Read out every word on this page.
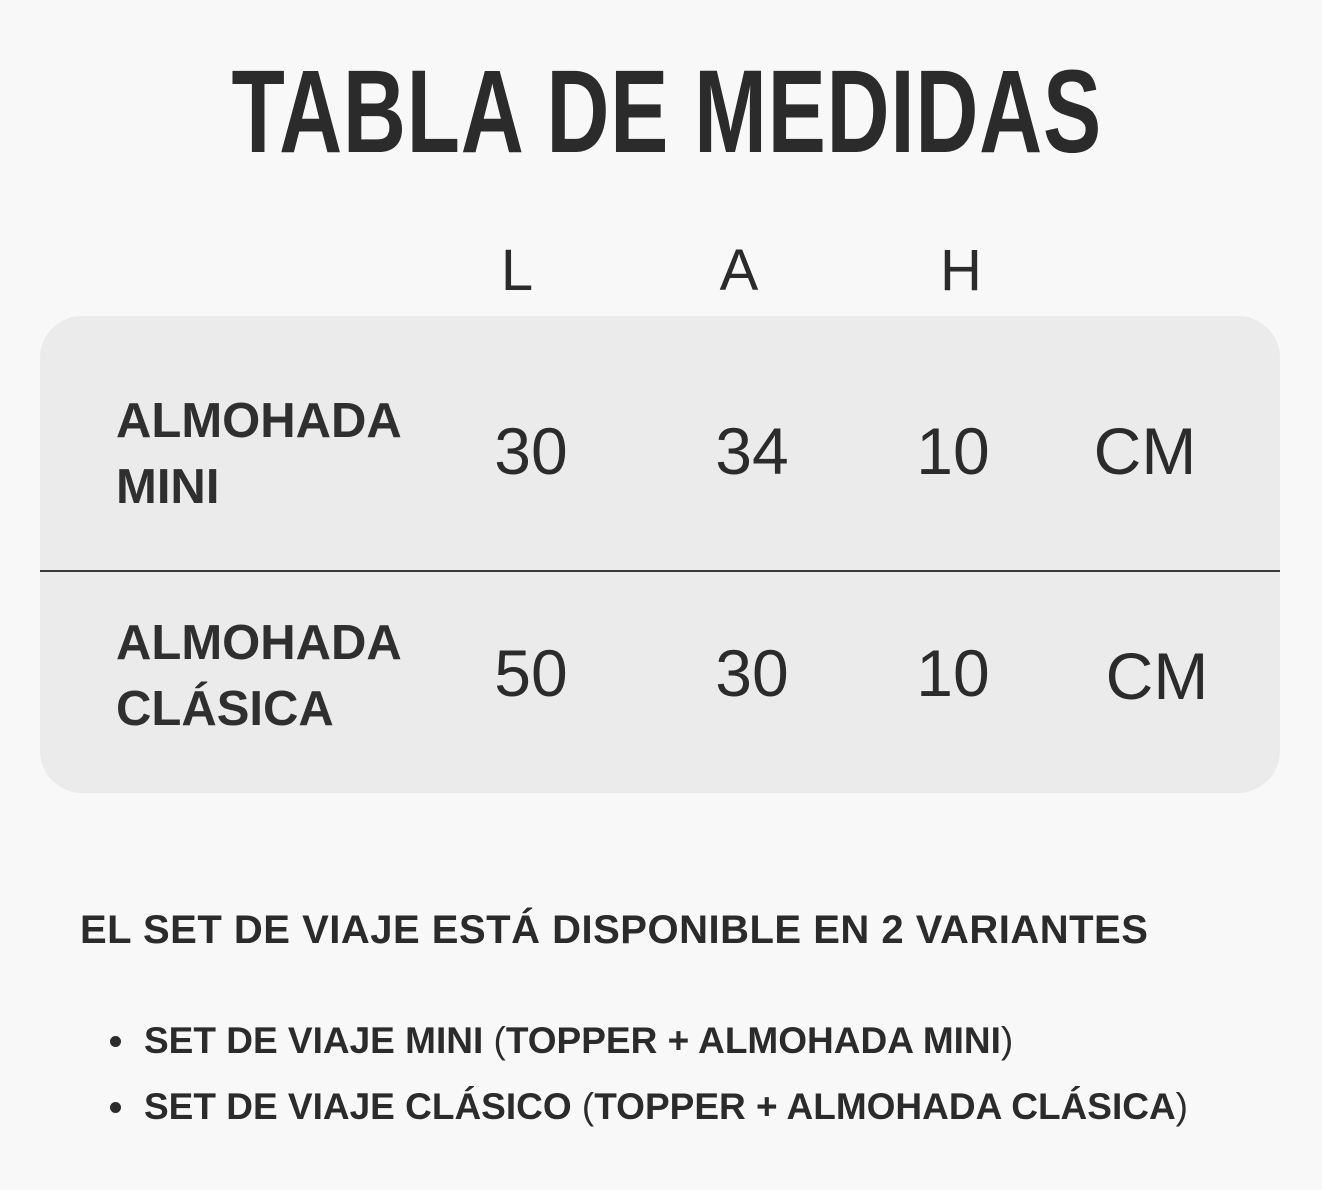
TABLA DE MEDIDAS
L	A	H
ALMOHADA
MINI	30	34	10	CM
ALMOHADA
CLÁSICA	50	30	10	CM
EL SET DE VIAJE ESTÁ DISPONIBLE EN 2 VARIANTES
SET DE VIAJE MINI (TOPPER + ALMOHADA MINI)
SET DE VIAJE CLÁSICO (TOPPER + ALMOHADA CLÁSICA)
